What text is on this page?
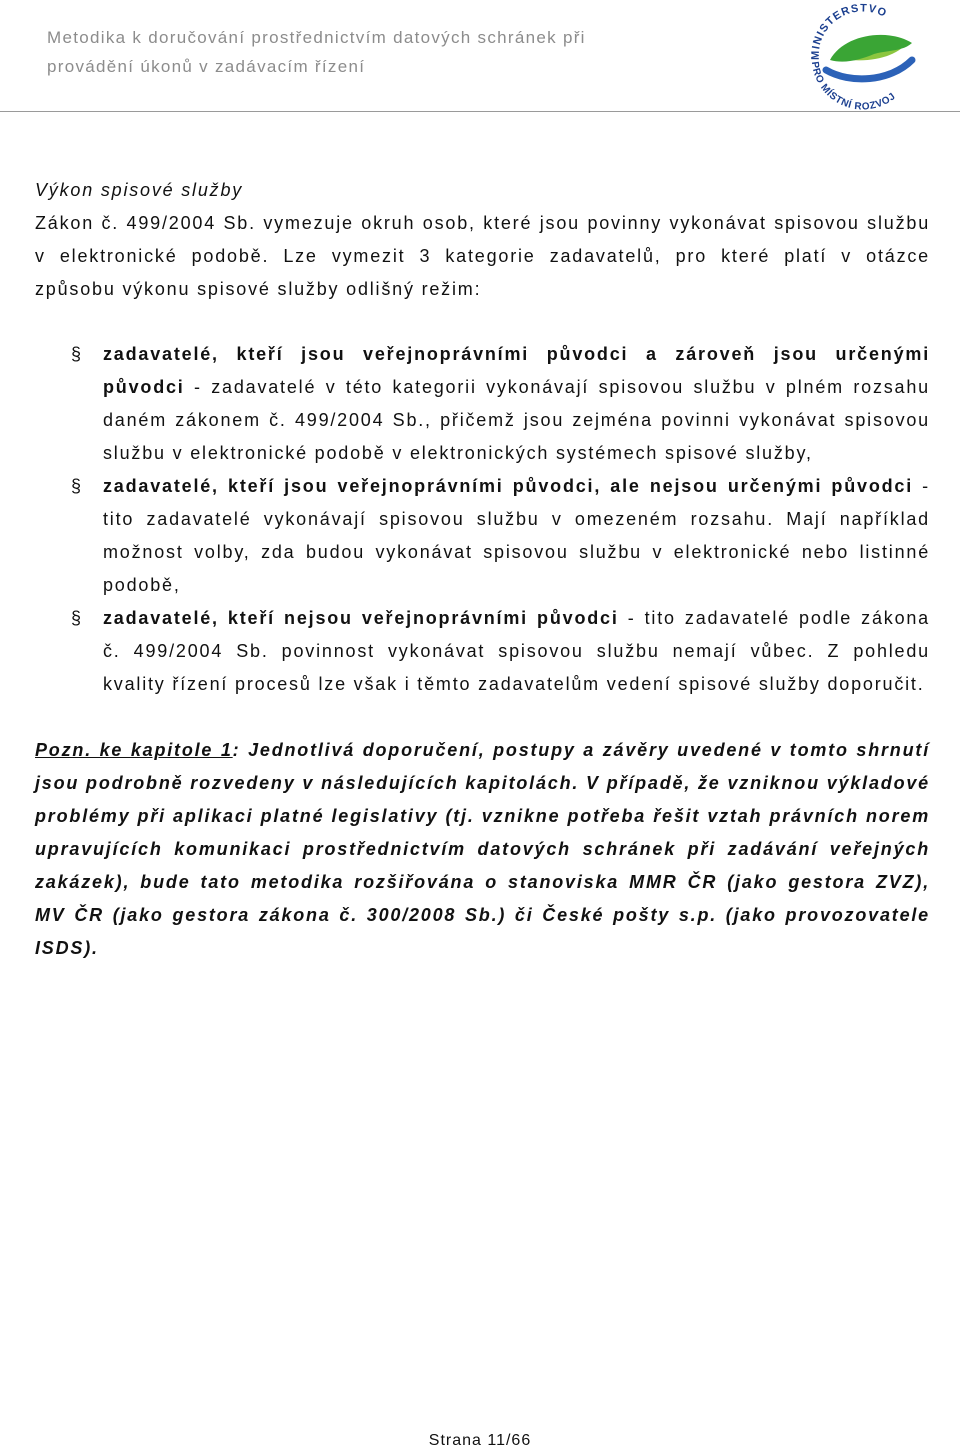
Metodika k doručování prostřednictvím datových schránek při
provádění úkonů v zadávacím řízení
MINISTERSTVO
PRO MÍSTNÍ ROZVOJ
Výkon spisové služby

Zákon č. 499/2004 Sb. vymezuje okruh osob, které jsou povinny vykonávat spisovou službu v elektronické podobě. Lze vymezit 3 kategorie zadavatelů, pro které platí v otázce způsobu výkonu spisové služby odlišný režim:

§ zadavatelé, kteří jsou veřejnoprávními původci a zároveň jsou určenými původci - zadavatelé v této kategorii vykonávají spisovou službu v plném rozsahu daném zákonem č. 499/2004 Sb., přičemž jsou zejména povinni vykonávat spisovou službu v elektronické podobě v elektronických systémech spisové služby,
§ zadavatelé, kteří jsou veřejnoprávními původci, ale nejsou určenými původci - tito zadavatelé vykonávají spisovou službu v omezeném rozsahu. Mají například možnost volby, zda budou vykonávat spisovou službu v elektronické nebo listinné podobě,
§ zadavatelé, kteří nejsou veřejnoprávními původci - tito zadavatelé podle zákona č. 499/2004 Sb. povinnost vykonávat spisovou službu nemají vůbec. Z pohledu kvality řízení procesů lze však i těmto zadavatelům vedení spisové služby doporučit.

Pozn. ke kapitole 1: Jednotlivá doporučení, postupy a závěry uvedené v tomto shrnutí jsou podrobně rozvedeny v následujících kapitolách. V případě, že vzniknou výkladové problémy při aplikaci platné legislativy (tj. vznikne potřeba řešit vztah právních norem upravujících komunikaci prostřednictvím datových schránek při zadávání veřejných zakázek), bude tato metodika rozšiřována o stanoviska MMR ČR (jako gestora ZVZ), MV ČR (jako gestora zákona č. 300/2008 Sb.) či České pošty s.p. (jako provozovatele ISDS).

Strana 11/66
